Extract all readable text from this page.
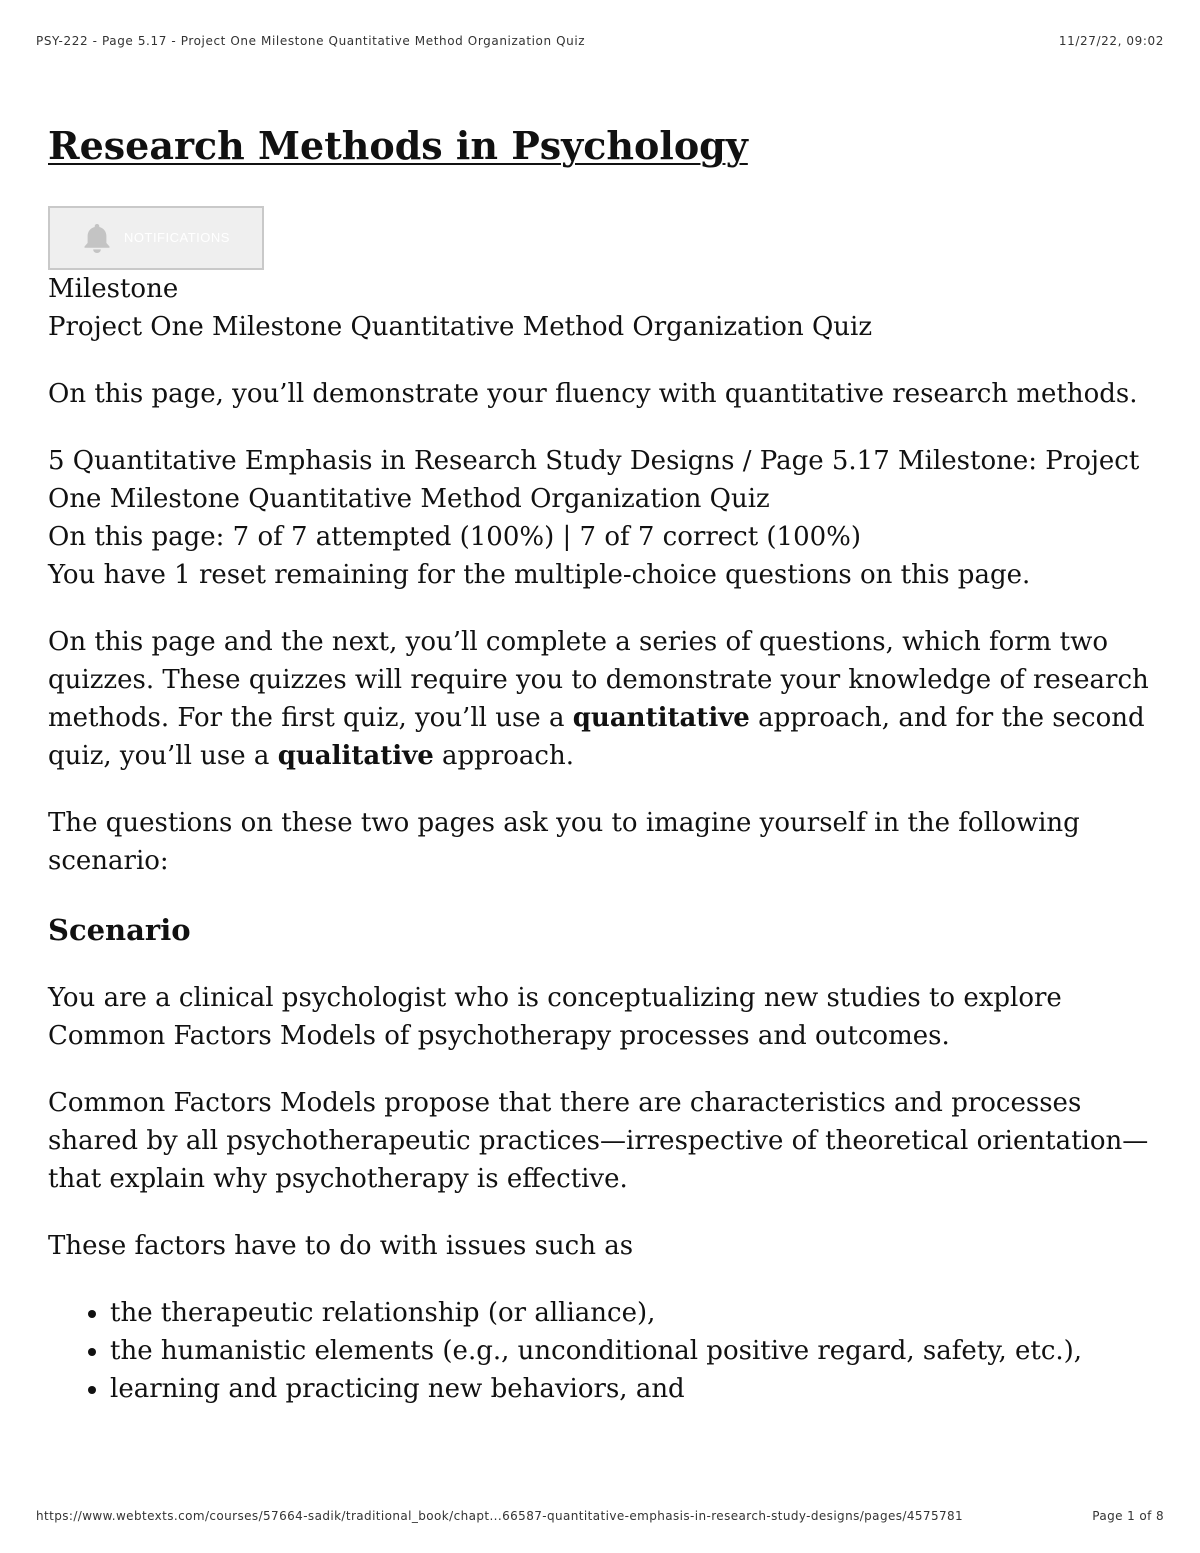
PSY-222 - Page 5.17 - Project One Milestone Quantitative Method Organization Quiz	11/27/22, 09:02
Research Methods in Psychology
NOTIFICATIONS

Milestone

Project One Milestone Quantitative Method Organization Quiz

On this page, you’ll demonstrate your fluency with quantitative research methods.

5 Quantitative Emphasis in Research Study Designs / Page 5.17 Milestone: Project One Milestone Quantitative Method Organization Quiz

On this page: 7 of 7 attempted (100%) | 7 of 7 correct (100%)

You have 1 reset remaining for the multiple-choice questions on this page.

On this page and the next, you’ll complete a series of questions, which form two quizzes. These quizzes will require you to demonstrate your knowledge of research methods. For the first quiz, you’ll use a quantitative approach, and for the second quiz, you’ll use a qualitative approach.

The questions on these two pages ask you to imagine yourself in the following scenario:

Scenario

You are a clinical psychologist who is conceptualizing new studies to explore Common Factors Models of psychotherapy processes and outcomes.

Common Factors Models propose that there are characteristics and processes shared by all psychotherapeutic practices—irrespective of theoretical orientation—that explain why psychotherapy is effective.

These factors have to do with issues such as

• the therapeutic relationship (or alliance),
• the humanistic elements (e.g., unconditional positive regard, safety, etc.),
• learning and practicing new behaviors, and
https://www.webtexts.com/courses/57664-sadik/traditional_book/chapt...66587-quantitative-emphasis-in-research-study-designs/pages/4575781	Page 1 of 8
